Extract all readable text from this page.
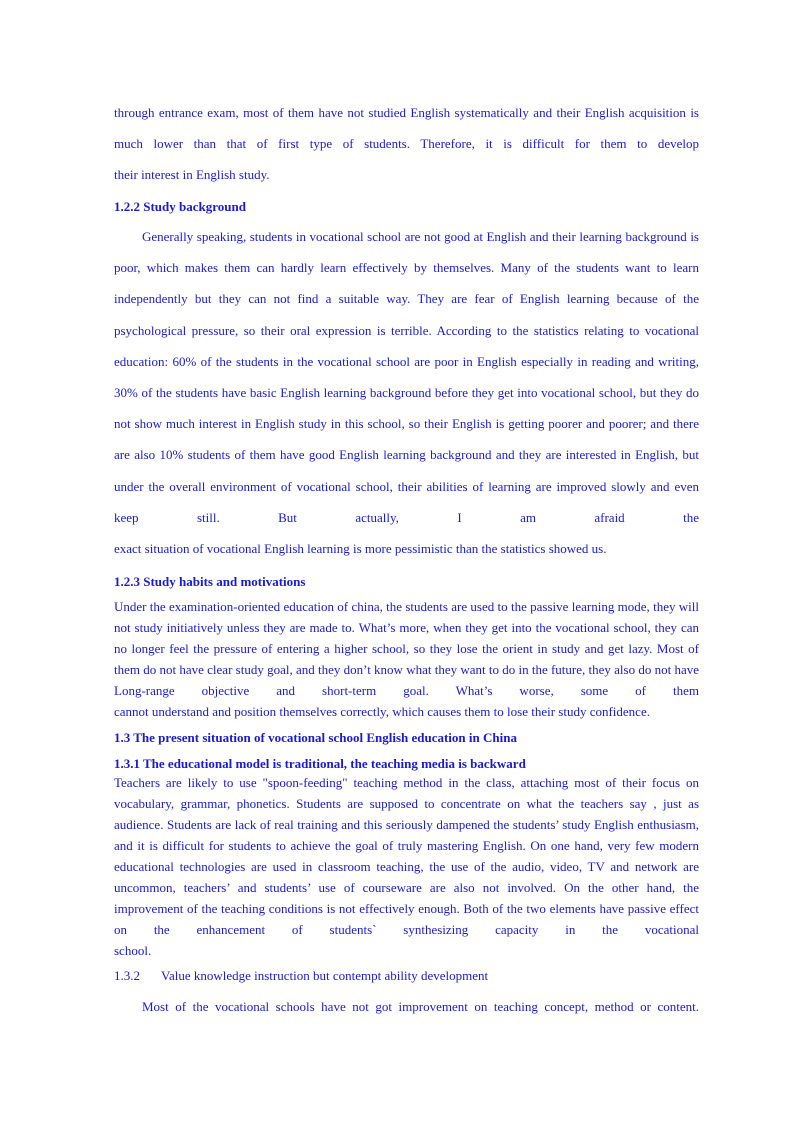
through entrance exam, most of them have not studied English systematically and their English acquisition is much lower than that of first type of students. Therefore, it is difficult for them to develop

their interest in English study.

1.2.2 Study background

Generally speaking, students in vocational school are not good at English and their learning background is poor, which makes them can hardly learn effectively by themselves. Many of the students want to learn independently but they can not find a suitable way. They are fear of English learning because of the psychological pressure, so their oral expression is terrible. According to the statistics relating to vocational education: 60% of the students in the vocational school are poor in English especially in reading and writing, 30% of the students have basic English learning background before they get into vocational school, but they do not show much interest in English study in this school, so their English is getting poorer and poorer; and there are also 10% students of them have good English learning background and they are interested in English, but under the overall environment of vocational school, their abilities of learning are improved slowly and even keep still. But actually, I am afraid the

exact situation of vocational English learning is more pessimistic than the statistics showed us.

1.2.3 Study habits and motivations

Under the examination-oriented education of china, the students are used to the passive learning mode, they will not study initiatively unless they are made to. What’s more, when they get into the vocational school, they can no longer feel the pressure of entering a higher school, so they lose the orient in study and get lazy. Most of them do not have clear study goal, and they don’t know what they want to do in the future, they also do not have Long-range objective and short-term goal. What’s worse, some of them

cannot understand and position themselves correctly, which causes them to lose their study confidence.

1.3 The present situation of vocational school English education in China
1.3.1 The educational model is traditional, the teaching media is backward

Teachers are likely to use "spoon-feeding" teaching method in the class, attaching most of their focus on vocabulary, grammar, phonetics. Students are supposed to concentrate on what the teachers say , just as audience. Students are lack of real training and this seriously dampened the students’ study English enthusiasm, and it is difficult for students to achieve the goal of truly mastering English. On one hand, very few modern educational technologies are used in classroom teaching, the use of the audio, video, TV and network are uncommon, teachers’ and students’ use of courseware are also not involved. On the other hand, the improvement of the teaching conditions is not effectively enough. Both of the two elements have passive effect on the enhancement of students` synthesizing capacity in the vocational

school.

1.3.2 Value knowledge instruction but contempt ability development

Most of the vocational schools have not got improvement on teaching concept, method or content.
